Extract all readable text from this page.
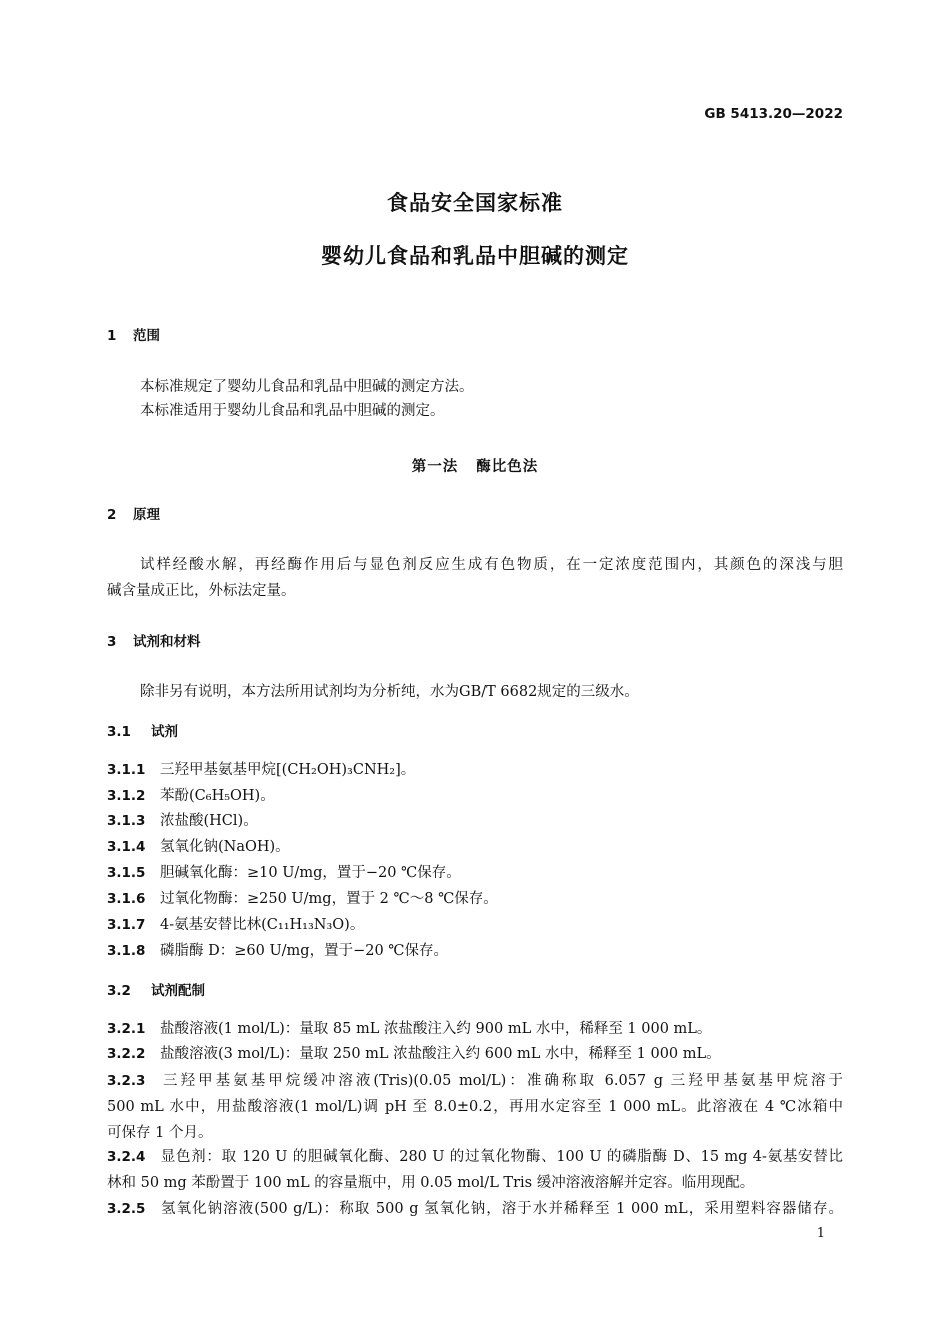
GB 5413.20—2022
食品安全国家标准
婴幼儿食品和乳品中胆碱的测定
1 范围
本标准规定了婴幼儿食品和乳品中胆碱的测定方法。
本标准适用于婴幼儿食品和乳品中胆碱的测定。
第一法 酶比色法
2 原理
试样经酸水解，再经酶作用后与显色剂反应生成有色物质，在一定浓度范围内，其颜色的深浅与胆
碱含量成正比，外标法定量。
3 试剂和材料
除非另有说明，本方法所用试剂均为分析纯，水为GB/T 6682规定的三级水。
3.1 试剂
3.1.1 三羟甲基氨基甲烷[(CH₂OH)₃CNH₂]。
3.1.2 苯酚(C₆H₅OH)。
3.1.3 浓盐酸(HCl)。
3.1.4 氢氧化钠(NaOH)。
3.1.5 胆碱氧化酶：≥10 U/mg，置于−20 ℃保存。
3.1.6 过氧化物酶：≥250 U/mg，置于 2 ℃～8 ℃保存。
3.1.7 4-氨基安替比林(C₁₁H₁₃N₃O)。
3.1.8 磷脂酶 D：≥60 U/mg，置于−20 ℃保存。
3.2 试剂配制
3.2.1 盐酸溶液(1 mol/L)：量取 85 mL 浓盐酸注入约 900 mL 水中，稀释至 1 000 mL。
3.2.2 盐酸溶液(3 mol/L)：量取 250 mL 浓盐酸注入约 600 mL 水中，稀释至 1 000 mL。
3.2.3 三羟甲基氨基甲烷缓冲溶液(Tris)(0.05 mol/L)：准确称取 6.057 g 三羟甲基氨基甲烷溶于
500 mL 水中，用盐酸溶液(1 mol/L)调 pH 至 8.0±0.2，再用水定容至 1 000 mL。此溶液在 4 ℃冰箱中
可保存 1 个月。
3.2.4 显色剂：取 120 U 的胆碱氧化酶、280 U 的过氧化物酶、100 U 的磷脂酶 D、15 mg 4-氨基安替比
林和 50 mg 苯酚置于 100 mL 的容量瓶中，用 0.05 mol/L Tris 缓冲溶液溶解并定容。临用现配。
3.2.5 氢氧化钠溶液(500 g/L)：称取 500 g 氢氧化钠，溶于水并稀释至 1 000 mL，采用塑料容器储存。
1
